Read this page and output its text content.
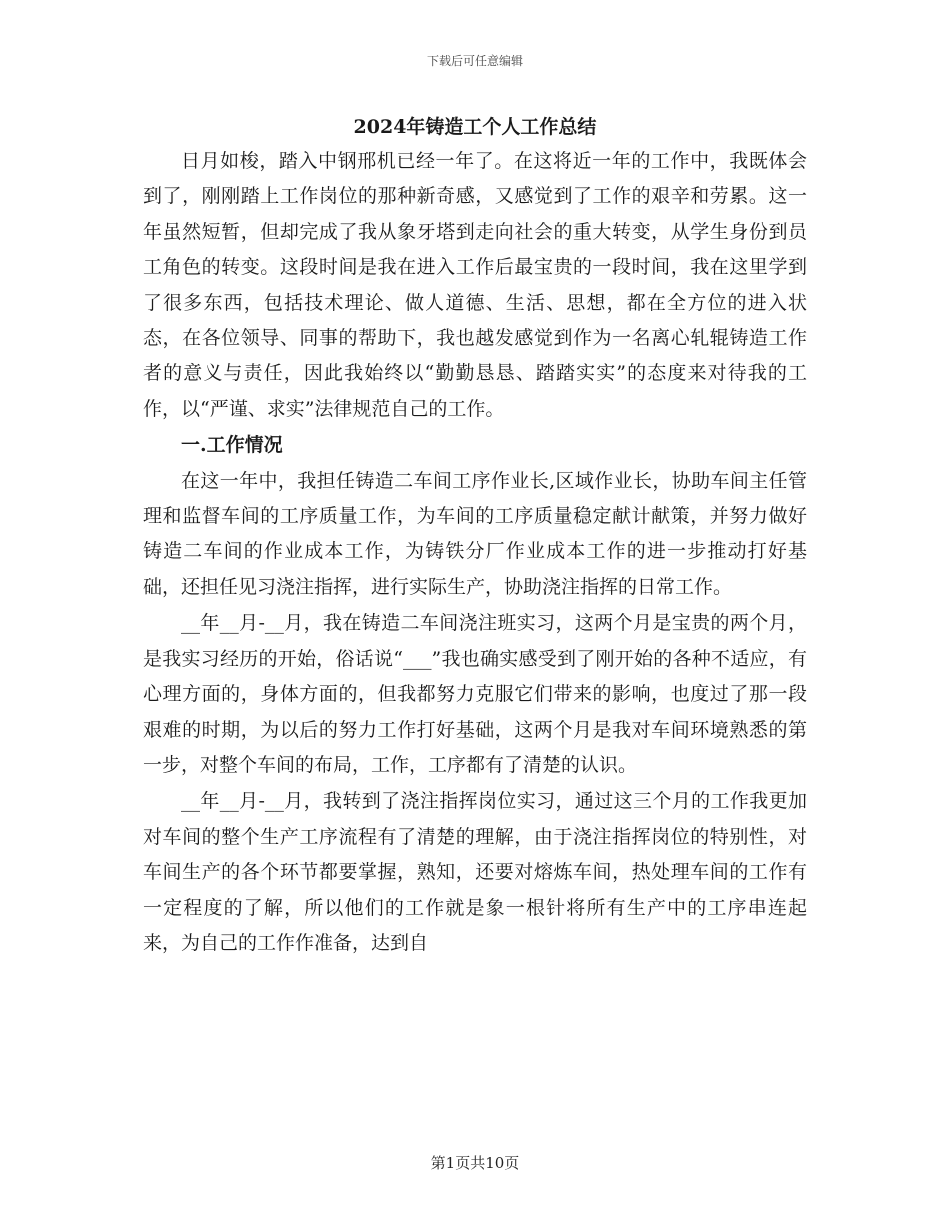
下载后可任意编辑
2024年铸造工个人工作总结

日月如梭，踏入中钢邢机已经一年了。在这将近一年的工作中，我既体会到了，刚刚踏上工作岗位的那种新奇感，又感觉到了工作的艰辛和劳累。这一年虽然短暂，但却完成了我从象牙塔到走向社会的重大转变，从学生身份到员工角色的转变。这段时间是我在进入工作后最宝贵的一段时间，我在这里学到了很多东西，包括技术理论、做人道德、生活、思想，都在全方位的进入状态，在各位领导、同事的帮助下，我也越发感觉到作为一名离心轧辊铸造工作者的意义与责任，因此我始终以“勤勤恳恳、踏踏实实”的态度来对待我的工作，以“严谨、求实”法律规范自己的工作。

一.工作情况

在这一年中，我担任铸造二车间工序作业长,区域作业长，协助车间主任管理和监督车间的工序质量工作，为车间的工序质量稳定献计献策，并努力做好铸造二车间的作业成本工作，为铸铁分厂作业成本工作的进一步推动打好基础，还担任见习浇注指挥，进行实际生产，协助浇注指挥的日常工作。

__年__月-__月，我在铸造二车间浇注班实习，这两个月是宝贵的两个月，是我实习经历的开始，俗话说“___”我也确实感受到了刚开始的各种不适应，有心理方面的，身体方面的，但我都努力克服它们带来的影响，也度过了那一段艰难的时期，为以后的努力工作打好基础，这两个月是我对车间环境熟悉的第一步，对整个车间的布局，工作，工序都有了清楚的认识。

__年__月-__月，我转到了浇注指挥岗位实习，通过这三个月的工作我更加对车间的整个生产工序流程有了清楚的理解，由于浇注指挥岗位的特别性，对车间生产的各个环节都要掌握，熟知，还要对熔炼车间，热处理车间的工作有一定程度的了解，所以他们的工作就是象一根针将所有生产中的工序串连起来，为自己的工作作准备，达到自

第1页共10页
